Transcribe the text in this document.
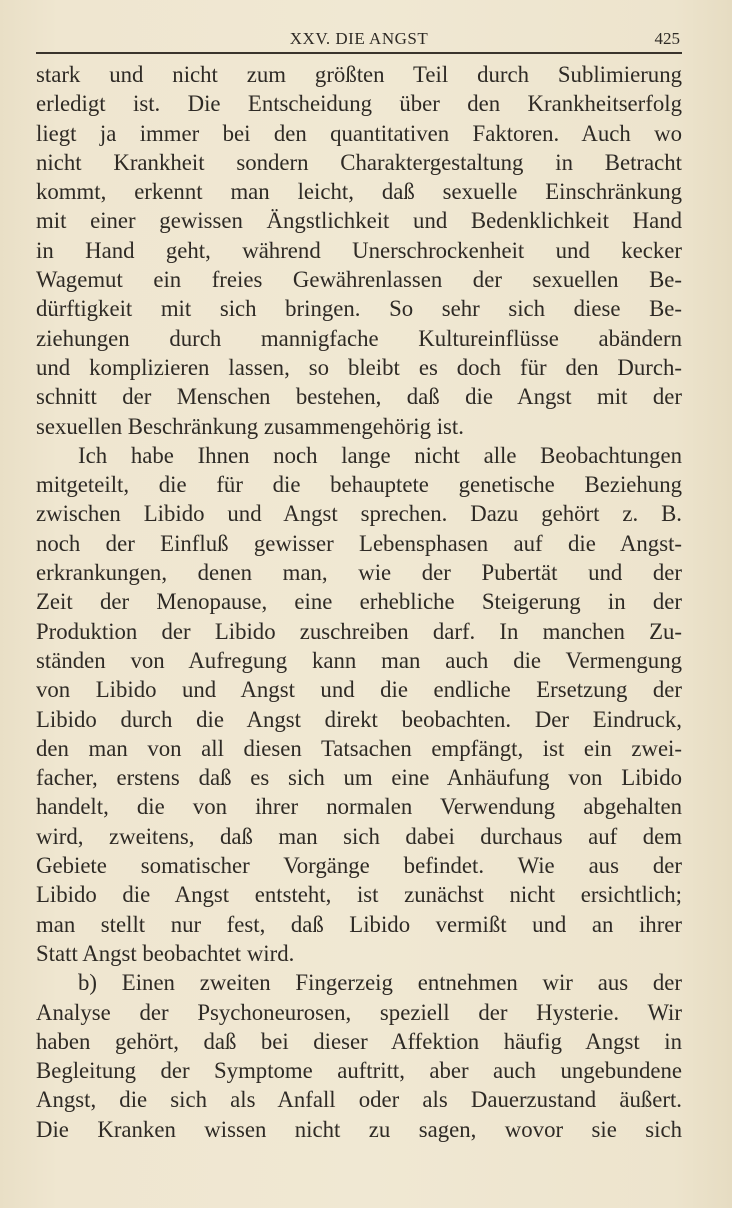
XXV. DIE ANGST	425
stark und nicht zum größten Teil durch Sublimierung
erledigt ist. Die Entscheidung über den Krankheitserfolg
liegt ja immer bei den quantitativen Faktoren. Auch wo
nicht Krankheit sondern Charaktergestaltung in Betracht
kommt, erkennt man leicht, daß sexuelle Einschränkung
mit einer gewissen Ängstlichkeit und Bedenklichkeit Hand
in Hand geht, während Unerschrockenheit und kecker
Wagemut ein freies Gewährenlassen der sexuellen Be-
dürftigkeit mit sich bringen. So sehr sich diese Be-
ziehungen durch mannigfache Kultureinflüsse abändern
und komplizieren lassen, so bleibt es doch für den Durch-
schnitt der Menschen bestehen, daß die Angst mit der
sexuellen Beschränkung zusammengehörig ist.
Ich habe Ihnen noch lange nicht alle Beobachtungen
mitgeteilt, die für die behauptete genetische Beziehung
zwischen Libido und Angst sprechen. Dazu gehört z. B.
noch der Einfluß gewisser Lebensphasen auf die Angst-
erkrankungen, denen man, wie der Pubertät und der
Zeit der Menopause, eine erhebliche Steigerung in der
Produktion der Libido zuschreiben darf. In manchen Zu-
ständen von Aufregung kann man auch die Vermengung
von Libido und Angst und die endliche Ersetzung der
Libido durch die Angst direkt beobachten. Der Eindruck,
den man von all diesen Tatsachen empfängt, ist ein zwei-
facher, erstens daß es sich um eine Anhäufung von Libido
handelt, die von ihrer normalen Verwendung abgehalten
wird, zweitens, daß man sich dabei durchaus auf dem
Gebiete somatischer Vorgänge befindet. Wie aus der
Libido die Angst entsteht, ist zunächst nicht ersichtlich;
man stellt nur fest, daß Libido vermißt und an ihrer
Statt Angst beobachtet wird.
b) Einen zweiten Fingerzeig entnehmen wir aus der
Analyse der Psychoneurosen, speziell der Hysterie. Wir
haben gehört, daß bei dieser Affektion häufig Angst in
Begleitung der Symptome auftritt, aber auch ungebundene
Angst, die sich als Anfall oder als Dauerzustand äußert.
Die Kranken wissen nicht zu sagen, wovor sie sich
